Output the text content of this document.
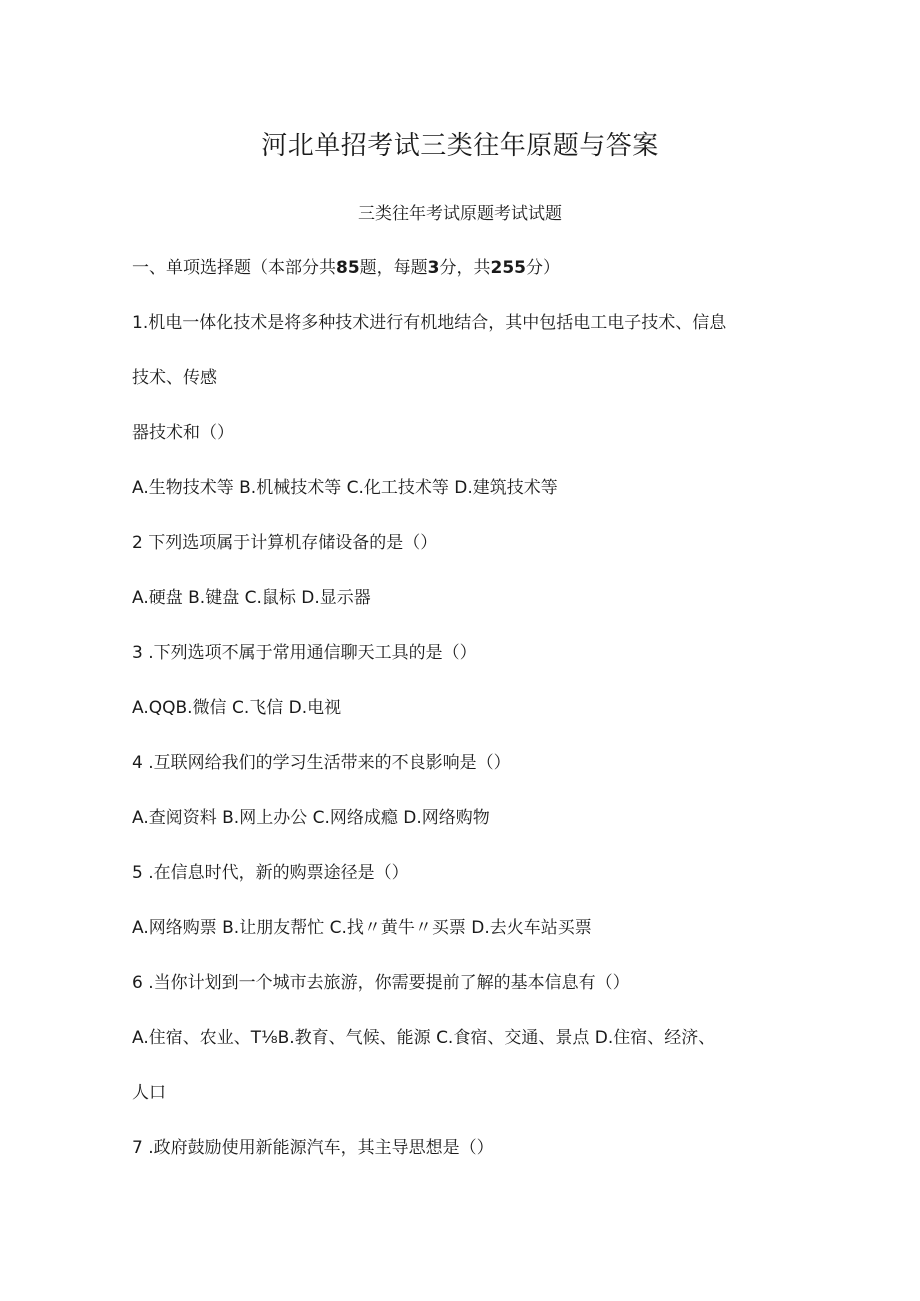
河北单招考试三类往年原题与答案
三类往年考试原题考试试题
一、单项选择题（本部分共85题，每题3分，共255分）
1.机电一体化技术是将多种技术进行有机地结合，其中包括电工电子技术、信息
技术、传感
器技术和（）
A.生物技术等 B.机械技术等 C.化工技术等 D.建筑技术等
2 下列选项属于计算机存储设备的是（）
A.硬盘 B.键盘 C.鼠标 D.显示器
3 .下列选项不属于常用通信聊天工具的是（）
A.QQB.微信 C.飞信 D.电视
4 .互联网给我们的学习生活带来的不良影响是（）
A.查阅资料 B.网上办公 C.网络成瘾 D.网络购物
5 .在信息时代，新的购票途径是（）
A.网络购票 B.让朋友帮忙 C.找〃黄牛〃买票 D.去火车站买票
6 .当你计划到一个城市去旅游，你需要提前了解的基本信息有（）
A.住宿、农业、T⅛B.教育、气候、能源 C.食宿、交通、景点 D.住宿、经济、
人口
7 .政府鼓励使用新能源汽车，其主导思想是（）
